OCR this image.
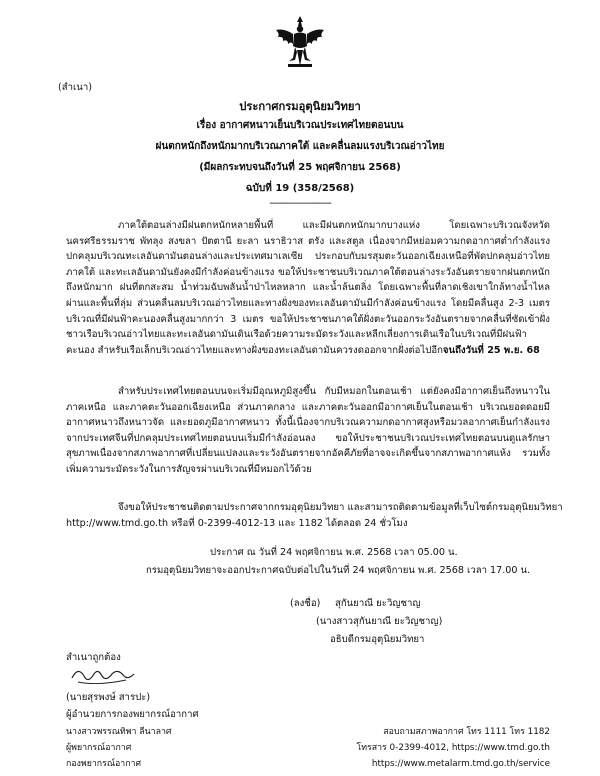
(สำเนา)
ประกาศกรมอุตุนิยมวิทยา
เรื่อง อากาศหนาวเย็นบริเวณประเทศไทยตอนบน
ฝนตกหนักถึงหนักมากบริเวณภาคใต้ และคลื่นลมแรงบริเวณอ่าวไทย
(มีผลกระทบจนถึงวันที่ 25 พฤศจิกายน 2568)
ฉบับที่ 19 (358/2568)
-------------------------

ภาคใต้ตอนล่างมีฝนตกหนักหลายพื้นที่ และมีฝนตกหนักมากบางแห่ง โดยเฉพาะบริเวณจังหวัดนครศรีธรรมราช พัทลุง สงขลา ปัตตานี ยะลา นราธิวาส ตรัง และสตูล เนื่องจากมีหย่อมความกดอากาศต่ำกำลังแรงปกคลุมบริเวณทะเลอันดามันตอนล่างและประเทศมาเลเซีย ประกอบกับมรสุมตะวันออกเฉียงเหนือที่พัดปกคลุมอ่าวไทย ภาคใต้ และทะเลอันดามันยังคงมีกำลังค่อนข้างแรง ขอให้ประชาชนบริเวณภาคใต้ตอนล่างระวังอันตรายจากฝนตกหนักถึงหนักมาก ฝนที่ตกสะสม น้ำท่วมฉับพลันน้ำป่าไหลหลาก และน้ำล้นตลิ่ง โดยเฉพาะพื้นที่ลาดเชิงเขาใกล้ทางน้ำไหลผ่านและพื้นที่ลุ่ม ส่วนคลื่นลมบริเวณอ่าวไทยและทางฝั่งของทะเลอันดามันมีกำลังค่อนข้างแรง โดยมีคลื่นสูง 2-3 เมตร บริเวณที่มีฝนฟ้าคะนองคลื่นสูงมากกว่า 3 เมตร ขอให้ประชาชนภาคใต้ฝั่งตะวันออกระวังอันตรายจากคลื่นที่ซัดเข้าฝั่ง ชาวเรือบริเวณอ่าวไทยและทะเลอันดามันเดินเรือด้วยความระมัดระวังและหลีกเลี่ยงการเดินเรือในบริเวณที่มีฝนฟ้าคะนอง สำหรับเรือเล็กบริเวณอ่าวไทยและทางฝั่งของทะเลอันดามันควรงดออกจากฝั่งต่อไปอีกจนถึงวันที่ 25 พ.ย. 68

สำหรับประเทศไทยตอนบนจะเริ่มมีอุณหภูมิสูงขึ้น กับมีหมอกในตอนเช้า แต่ยังคงมีอากาศเย็นถึงหนาวในภาคเหนือ และภาคตะวันออกเฉียงเหนือ ส่วนภาคกลาง และภาคตะวันออกมีอากาศเย็นในตอนเช้า บริเวณยอดดอยมีอากาศหนาวถึงหนาวจัด และยอดภูมีอากาศหนาว ทั้งนี้เนื่องจากบริเวณความกดอากาศสูงหรือมวลอากาศเย็นกำลังแรงจากประเทศจีนที่ปกคลุมประเทศไทยตอนบนเริ่มมีกำลังอ่อนลง ขอให้ประชาชนบริเวณประเทศไทยตอนบนดูแลรักษาสุขภาพเนื่องจากสภาพอากาศที่เปลี่ยนแปลงและระวังอันตรายจากอัคคีภัยที่อาจจะเกิดขึ้นจากสภาพอากาศแห้ง รวมทั้งเพิ่มความระมัดระวังในการสัญจรผ่านบริเวณที่มีหมอกไว้ด้วย

จึงขอให้ประชาชนติดตามประกาศจากกรมอุตุนิยมวิทยา และสามารถติดตามข้อมูลที่เว็บไซต์กรมอุตุนิยมวิทยา
http://www.tmd.go.th หรือที่ 0-2399-4012-13 และ 1182 ได้ตลอด 24 ชั่วโมง
ประกาศ ณ วันที่ 24 พฤศจิกายน พ.ศ. 2568 เวลา 05.00 น.
กรมอุตุนิยมวิทยาจะออกประกาศฉบับต่อไปในวันที่ 24 พฤศจิกายน พ.ศ. 2568 เวลา 17.00 น.
(ลงชื่อ) สุกันยาณี ยะวิญชาญ
(นางสาวสุกันยาณี ยะวิญชาญ)
อธิบดีกรมอุตุนิยมวิทยา
สำเนาถูกต้อง
(นายสุรพงษ์ สารปะ)
ผู้อำนวยการกองพยากรณ์อากาศ
นางสาวพรรณทิพา ลีนาลาศ	สอบถามสภาพอากาศ โทร 1111 โทร 1182
ผู้พยากรณ์อากาศ	โทรสาร 0-2399-4012, https://www.tmd.go.th
กองพยากรณ์อากาศ	https://www.metalarm.tmd.go.th/service
